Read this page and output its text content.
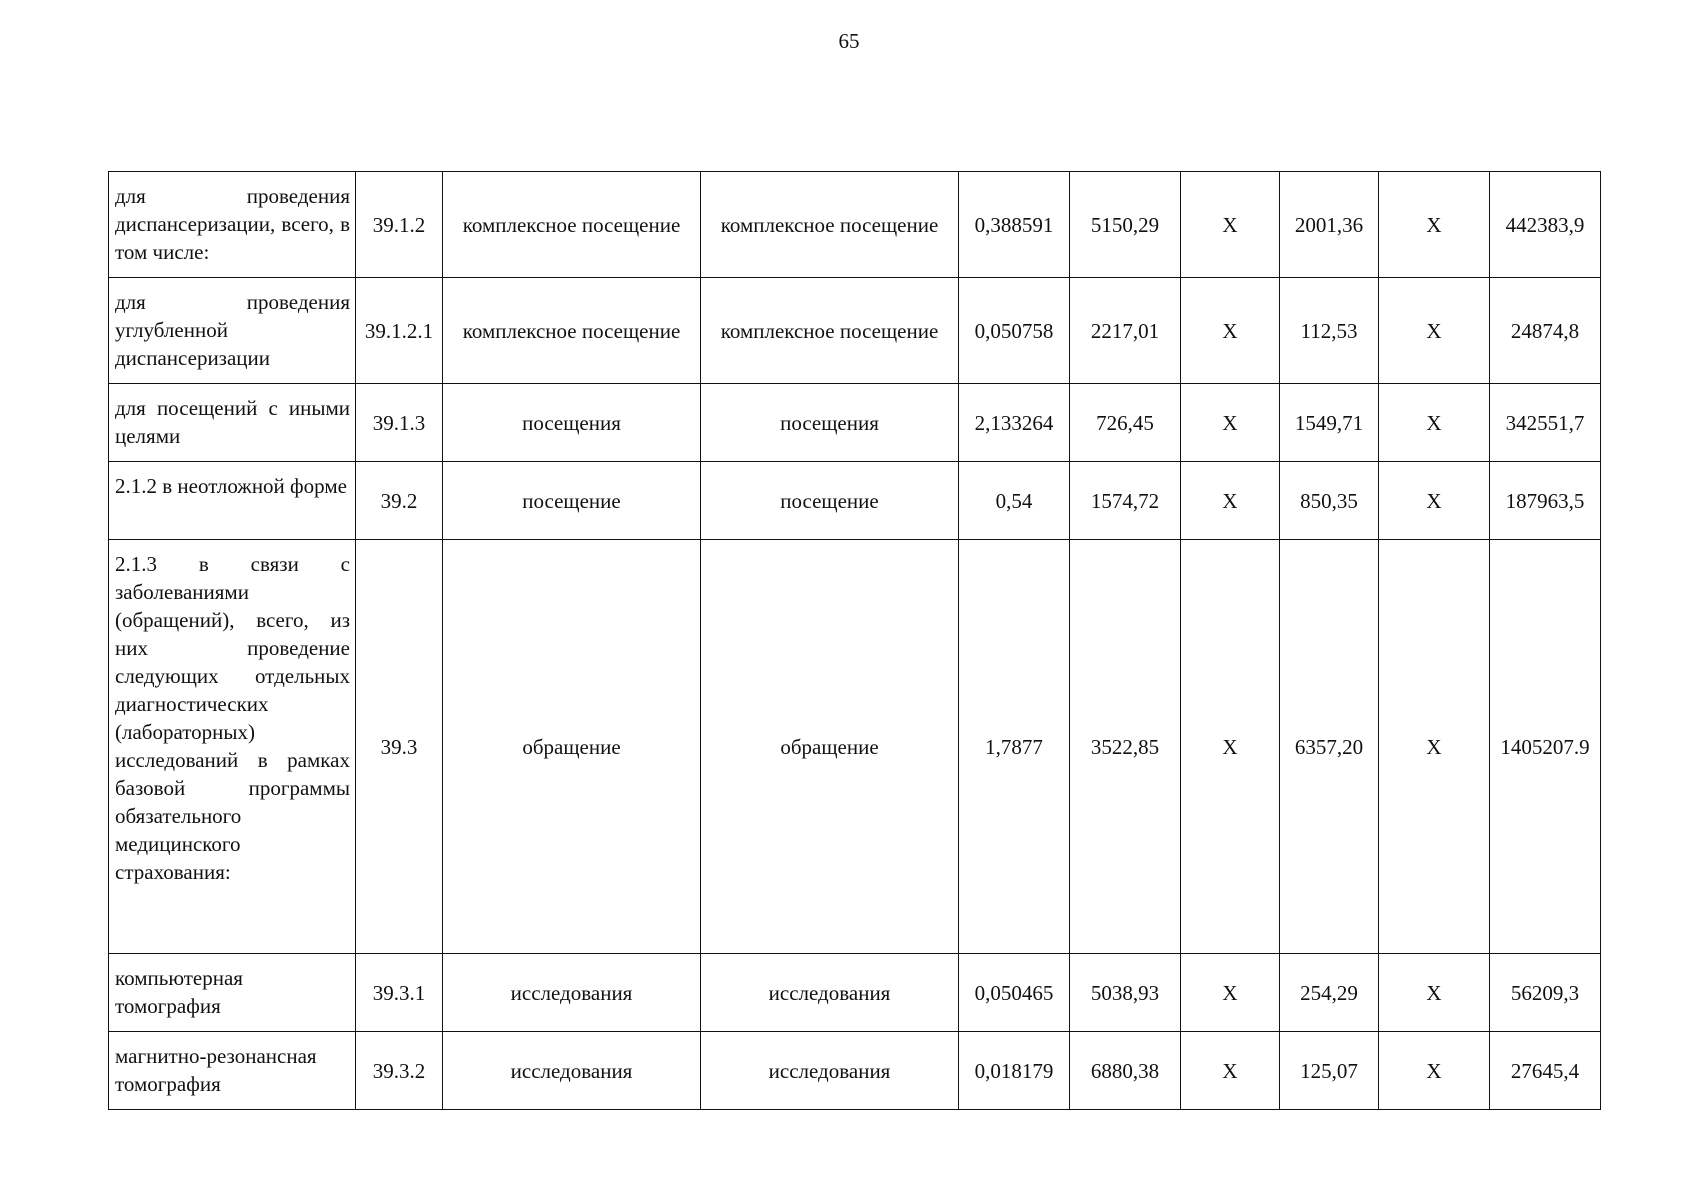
65
для проведения диспансеризации, всего, в том числе:	39.1.2	комплексное посещение	комплексное посещение	0,388591	5150,29	Х	2001,36	Х	442383,9
для проведения углубленной диспансеризации	39.1.2.1	комплексное посещение	комплексное посещение	0,050758	2217,01	Х	112,53	Х	24874,8
для посещений с иными целями	39.1.3	посещения	посещения	2,133264	726,45	Х	1549,71	Х	342551,7
2.1.2 в неотложной форме	39.2	посещение	посещение	0,54	1574,72	Х	850,35	Х	187963,5
2.1.3 в связи с заболеваниями (обращений), всего, из них проведение следующих отдельных диагностических (лабораторных) исследований в рамках базовой программы обязательного медицинского страхования:	39.3	обращение	обращение	1,7877	3522,85	Х	6357,20	Х	1405207.9
компьютерная томография	39.3.1	исследования	исследования	0,050465	5038,93	Х	254,29	Х	56209,3
магнитно-резонансная томография	39.3.2	исследования	исследования	0,018179	6880,38	Х	125,07	Х	27645,4
